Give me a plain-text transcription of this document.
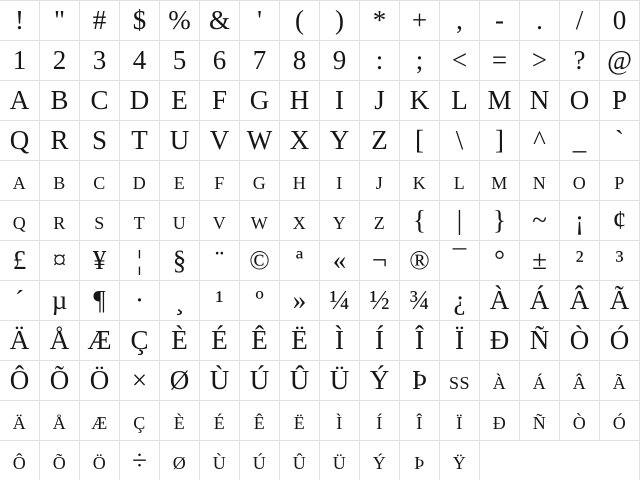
​ !	​ "	​ # ​ $ ​ % ​ &	​ '	​ (	​ )	​ * ​ +	​ ,	​ -	​ .	​ /	​ 0
​ 1 ​ 2 ​ 3 ​ 4 ​ 5 ​ 6 ​ 7 ​ 8 ​ 9	​ :	​ ;	​ < ​ = ​ > ​ ? ​ @
​ A ​ B ​ C ​ D ​ E ​ F ​ G ​ H ​ I	​ J ​ K ​ L ​ M ​ N ​ O ​ P
​ Q ​ R ​ S ​ T ​ U ​ V ​ W ​ X ​ Y ​ Z	​ [	​ \	​ ]	​ ^ ​ _	​ `
​ A	​ B	​ C	​ D	​ E	​ F	​ G	​ H	​ I	​ J	​ K	​ L	​ M	​ N	​ O	​ P
​ Q	​ R	​ S	​ T	​ U	​ V	​ W	​ X	​ Y	​ Z	​ {	​ |	​ } ​ ~	​ ¡	​ ¢
​ £ ​ ¤ ​ ¥	​ ¦	​ §	​ ¨ ​ © ​ ª	​ « ​ ¬ ​ ® ​ ¯	​ °	​ ±	​ ²	​ ³
​ ´	​ µ ​ ¶	​ ·	​ ¸	​ ¹	​ º	​ » ​ ¼ ​ ½ ​ ¾ ​ ¿ ​ À ​ Á ​ Â ​ Ã
​ Ä ​ Å ​ Æ ​ Ç ​ È ​ É ​ Ê ​ Ë	​ Ì	​ Í	​ Î	​ Ï ​ Ð ​ Ñ ​ Ò ​ Ó
​ Ô ​ Õ ​ Ö ​ × ​ Ø ​ Ù ​ Ú ​ Û ​ Ü ​ Ý ​ Þ	​ SS	​ À	​ Á	​ Â	​ Ã
​ Ä	​ Å	​ Æ	​ Ç	​ È	​ É	​ Ê	​ Ë	​ Ì	​ Í	​ Î	​ Ï	​ Ð	​ Ñ	​ Ò	​ Ó
​ Ô	​ Õ	​ Ö ​ ÷	​ Ø	​ Ù	​ Ú	​ Û	​ Ü	​ Ý	​ Þ	​ Ÿ
​
